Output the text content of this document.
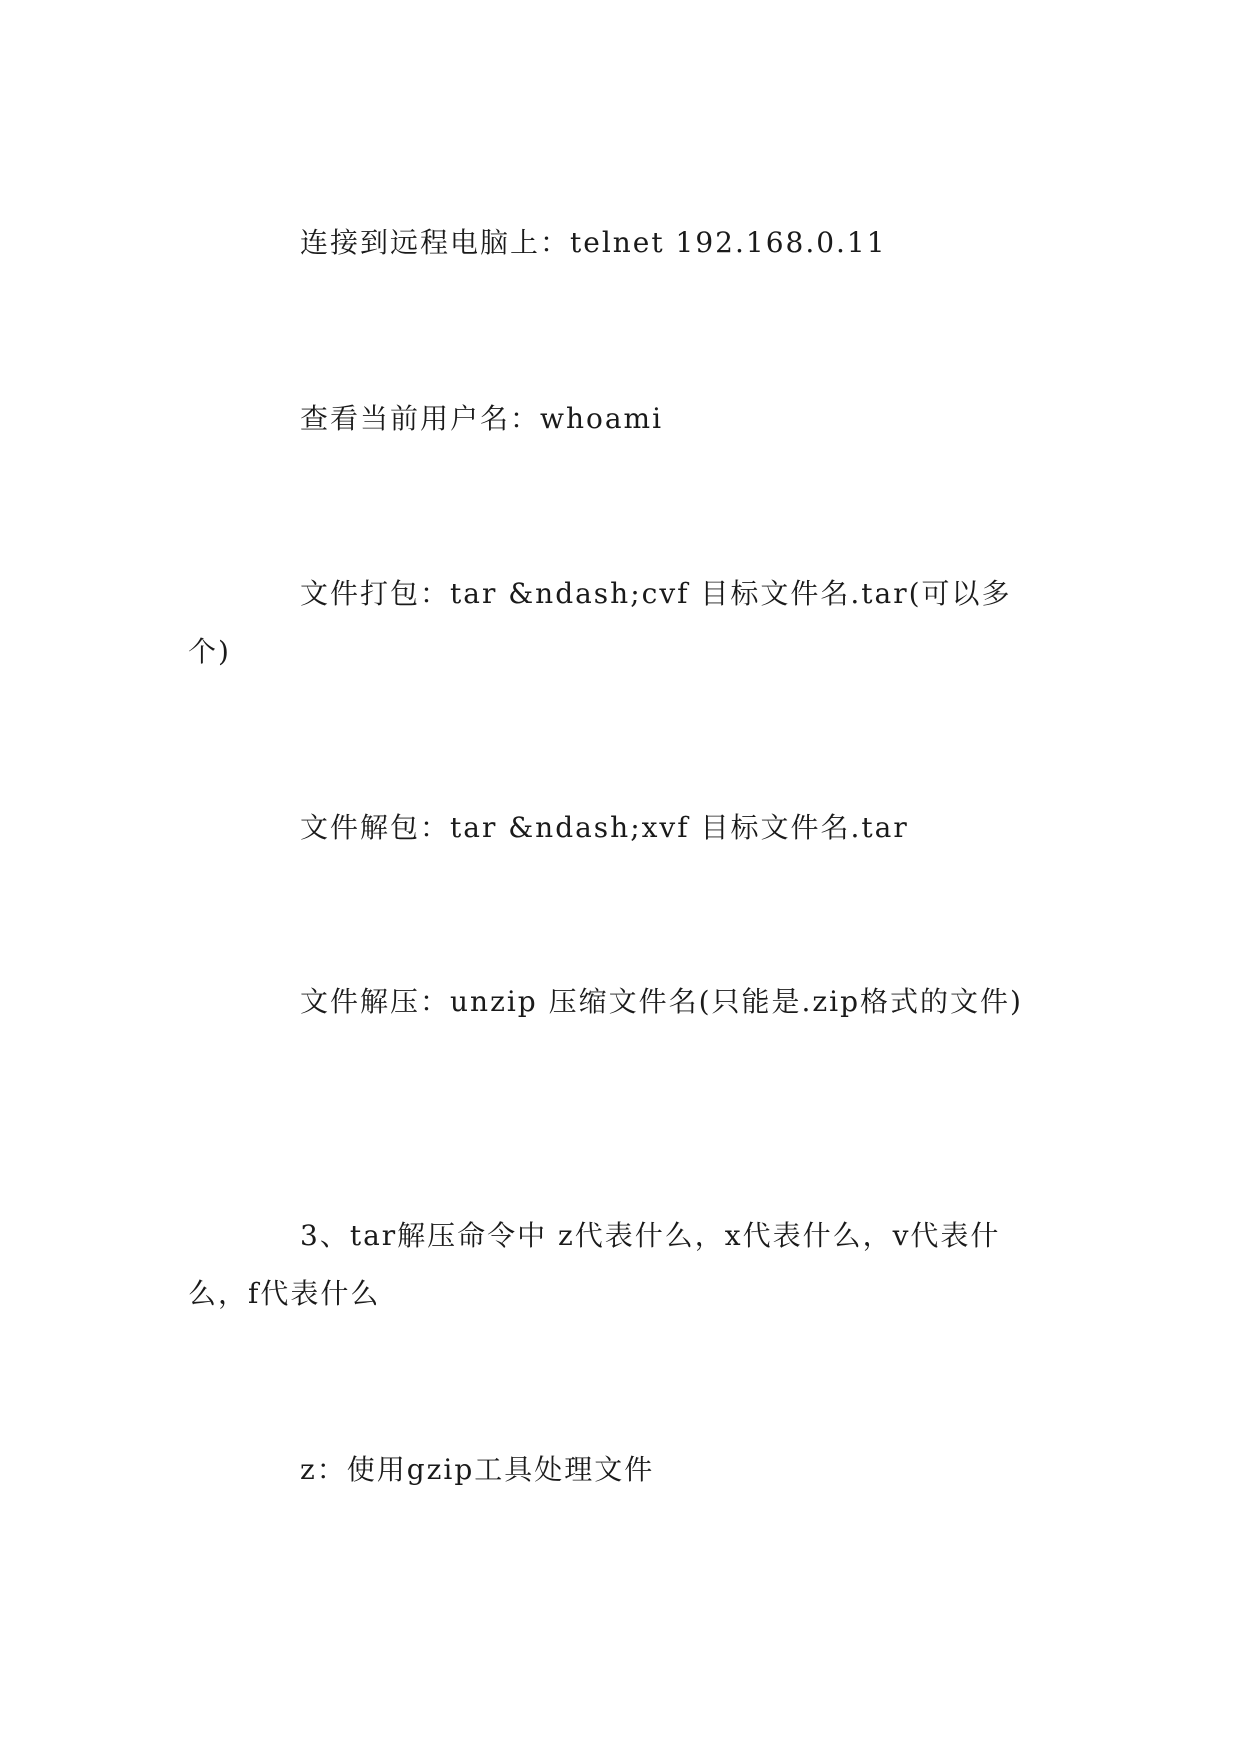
连接到远程电脑上：telnet 192.168.0.11

查看当前用户名：whoami

文件打包：tar &ndash;cvf 目标文件名.tar(可以多个)

文件解包：tar &ndash;xvf 目标文件名.tar

文件解压：unzip 压缩文件名(只能是.zip格式的文件)

3、tar解压命令中 z代表什么，x代表什么，v代表什么，f代表什么

z：使用gzip工具处理文件
